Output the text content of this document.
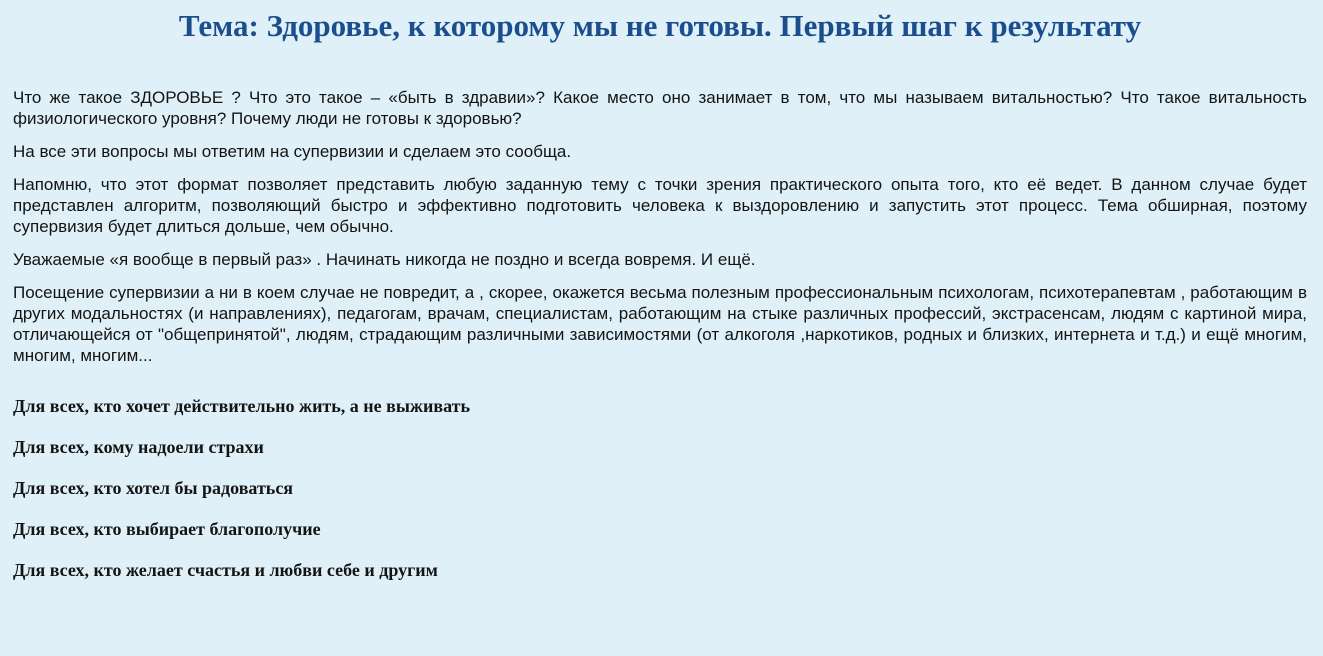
Тема: Здоровье, к которому мы не готовы. Первый шаг к результату

Что же такое ЗДОРОВЬЕ ? Что это такое – «быть в здравии»? Какое место оно занимает в том, что мы называем витальностью? Что такое витальность физиологического уровня? Почему люди не готовы к здоровью?

На все эти вопросы мы ответим на супервизии и сделаем это сообща.

Напомню, что этот формат позволяет представить любую заданную тему с точки зрения практического опыта того, кто её ведет. В данном случае будет представлен алгоритм, позволяющий быстро и эффективно подготовить человека к выздоровлению и запустить этот процесс. Тема обширная, поэтому супервизия будет длиться дольше, чем обычно.

Уважаемые «я вообще в первый раз» . Начинать никогда не поздно и всегда вовремя. И ещё.

Посещение супервизии а ни в коем случае не повредит, а , скорее, окажется весьма полезным профессиональным психологам, психотерапевтам , работающим в других модальностях (и направлениях), педагогам, врачам, специалистам, работающим на стыке различных профессий, экстрасенсам, людям с картиной мира, отличающейся от "общепринятой", людям, страдающим различными зависимостями (от алкоголя ,наркотиков, родных и близких, интернета и т.д.) и ещё многим, многим, многим...

Для всех, кто хочет действительно жить, а не выживать

Для всех, кому надоели страхи

Для всех, кто хотел бы радоваться

Для всех, кто выбирает благополучие

Для всех, кто желает счастья и любви себе и другим
